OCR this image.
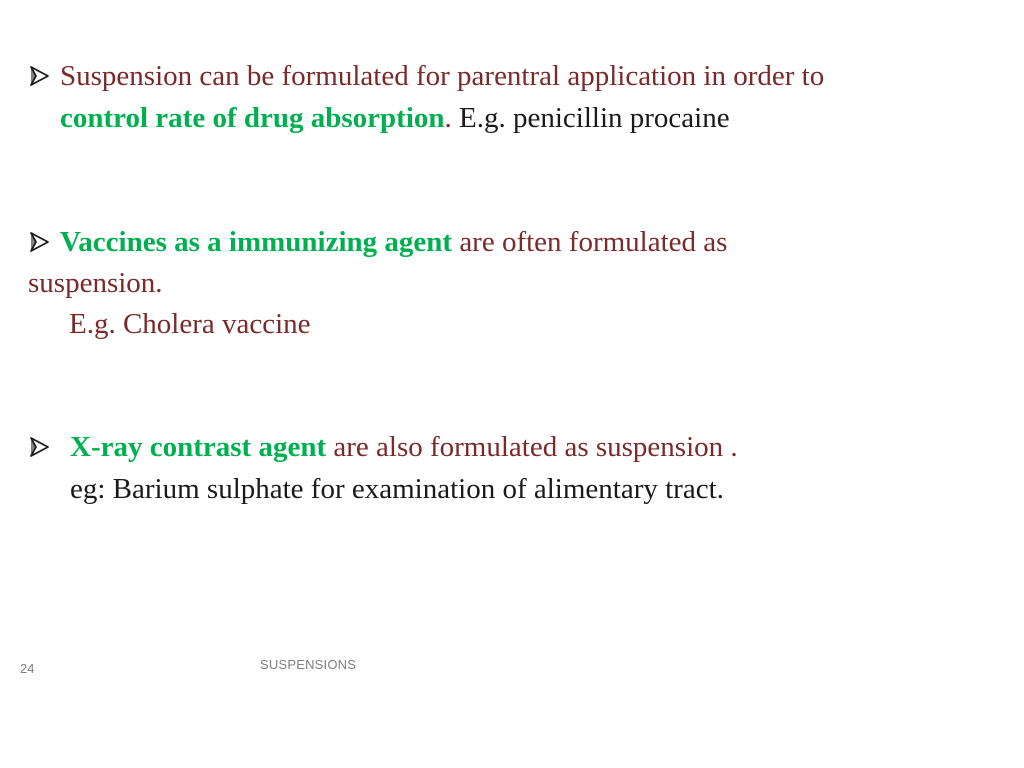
Suspension can be formulated for parentral application in order to
control rate of drug absorption. E.g. penicillin procaine
Vaccines as a immunizing agent are often formulated as
suspension.
E.g. Cholera vaccine
X-ray contrast agent are also formulated as suspension .
eg: Barium sulphate for examination of alimentary tract.
24	SUSPENSIONS
